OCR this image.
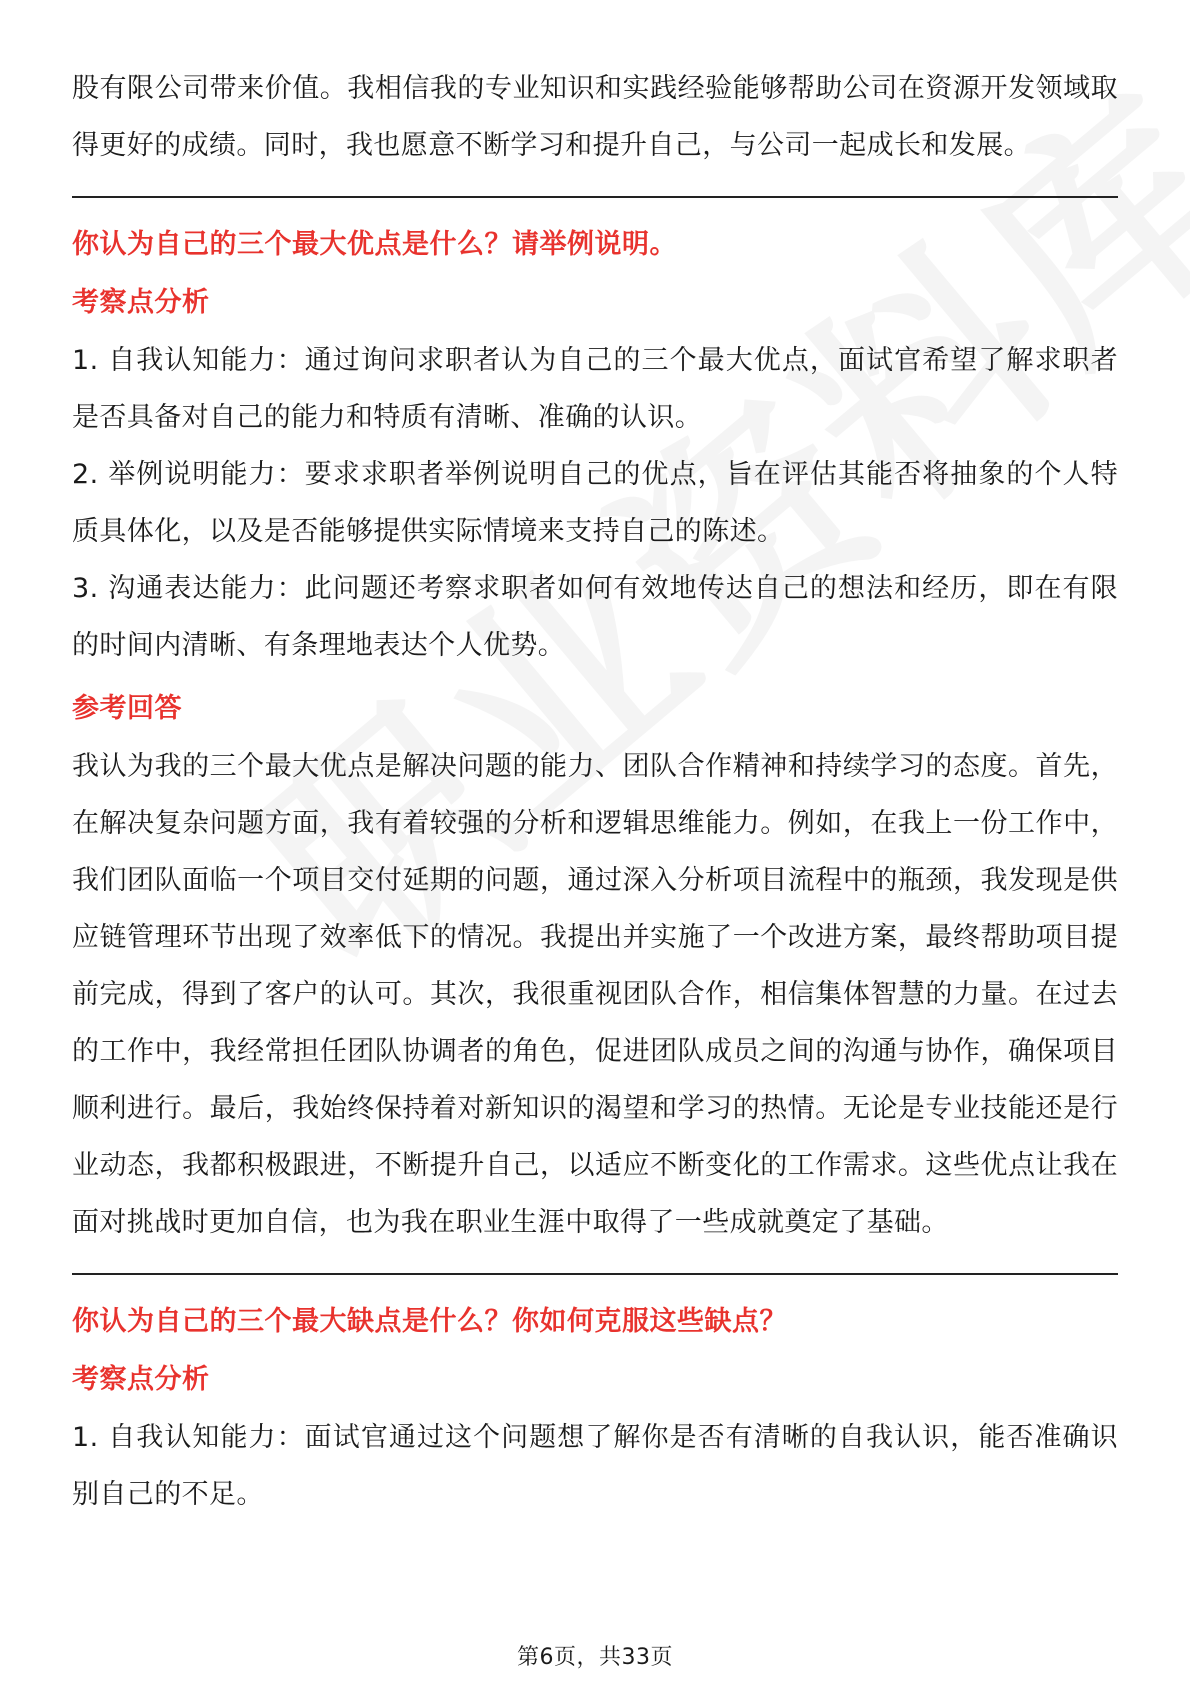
股有限公司带来价值。我相信我的专业知识和实践经验能够帮助公司在资源开发领域取得更好的成绩。同时，我也愿意不断学习和提升自己，与公司一起成长和发展。

你认为自己的三个最大优点是什么？请举例说明。

考察点分析

1. 自我认知能力：通过询问求职者认为自己的三个最大优点，面试官希望了解求职者是否具备对自己的能力和特质有清晰、准确的认识。

2. 举例说明能力：要求求职者举例说明自己的优点，旨在评估其能否将抽象的个人特质具体化，以及是否能够提供实际情境来支持自己的陈述。

3. 沟通表达能力：此问题还考察求职者如何有效地传达自己的想法和经历，即在有限的时间内清晰、有条理地表达个人优势。

参考回答

我认为我的三个最大优点是解决问题的能力、团队合作精神和持续学习的态度。首先，在解决复杂问题方面，我有着较强的分析和逻辑思维能力。例如，在我上一份工作中，我们团队面临一个项目交付延期的问题，通过深入分析项目流程中的瓶颈，我发现是供应链管理环节出现了效率低下的情况。我提出并实施了一个改进方案，最终帮助项目提前完成，得到了客户的认可。其次，我很重视团队合作，相信集体智慧的力量。在过去的工作中，我经常担任团队协调者的角色，促进团队成员之间的沟通与协作，确保项目顺利进行。最后，我始终保持着对新知识的渴望和学习的热情。无论是专业技能还是行业动态，我都积极跟进，不断提升自己，以适应不断变化的工作需求。这些优点让我在面对挑战时更加自信，也为我在职业生涯中取得了一些成就奠定了基础。

你认为自己的三个最大缺点是什么？你如何克服这些缺点？

考察点分析

1. 自我认知能力：面试官通过这个问题想了解你是否有清晰的自我认识，能否准确识别自己的不足。

第6页，共33页
